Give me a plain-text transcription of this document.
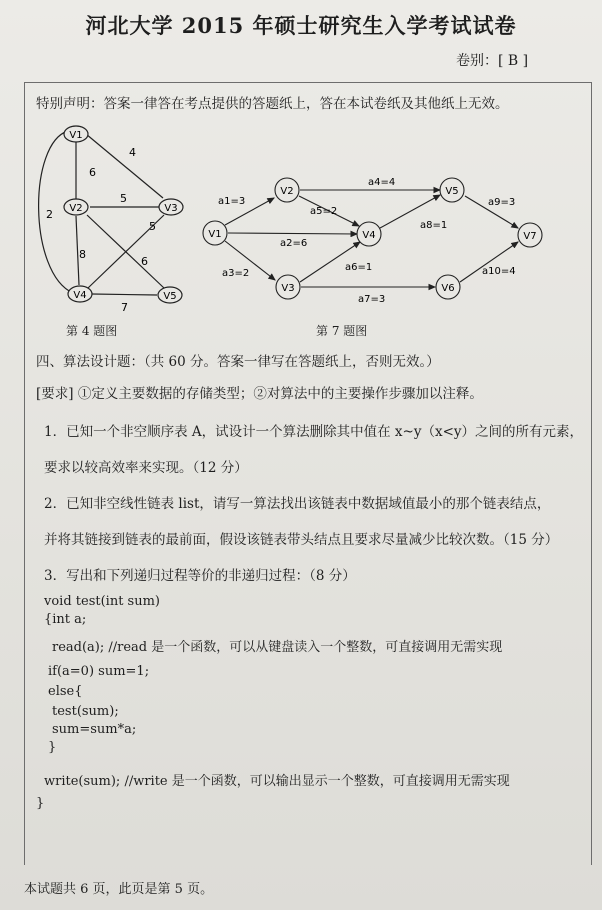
河北大学 2015 年硕士研究生入学考试试卷
卷别：[ B ]
特别声明：答案一律答在考点提供的答题纸上，答在本试卷纸及其他纸上无效。
V1
V2	V3
V4	V5
6
4
2
5
8
6
5
7
第 4 题图
V1
V2
V3
V4
V5
V6
V7
a1=3
a2=6
a3=2
a4=4
a5=2
a6=1
a7=3
a8=1
a9=3
a10=4
第 7 题图
四、算法设计题：（共 60 分。答案一律写在答题纸上，否则无效。）
[要求] ①定义主要数据的存储类型；②对算法中的主要操作步骤加以注释。
1．已知一个非空顺序表 A，试设计一个算法删除其中值在 x~y（x<y）之间的所有元素，
要求以较高效率来实现。（12 分）
2．已知非空线性链表 list，请写一算法找出该链表中数据域值最小的那个链表结点，
并将其链接到链表的最前面，假设该链表带头结点且要求尽量减少比较次数。（15 分）
3．写出和下列递归过程等价的非递归过程：（8 分）
void test(int sum)
{int a;
read(a); //read 是一个函数，可以从键盘读入一个整数，可直接调用无需实现
if(a=0) sum=1;
else{
test(sum);
sum=sum*a;
}
write(sum); //write 是一个函数，可以输出显示一个整数，可直接调用无需实现
}
本试题共 6 页，此页是第 5 页。
